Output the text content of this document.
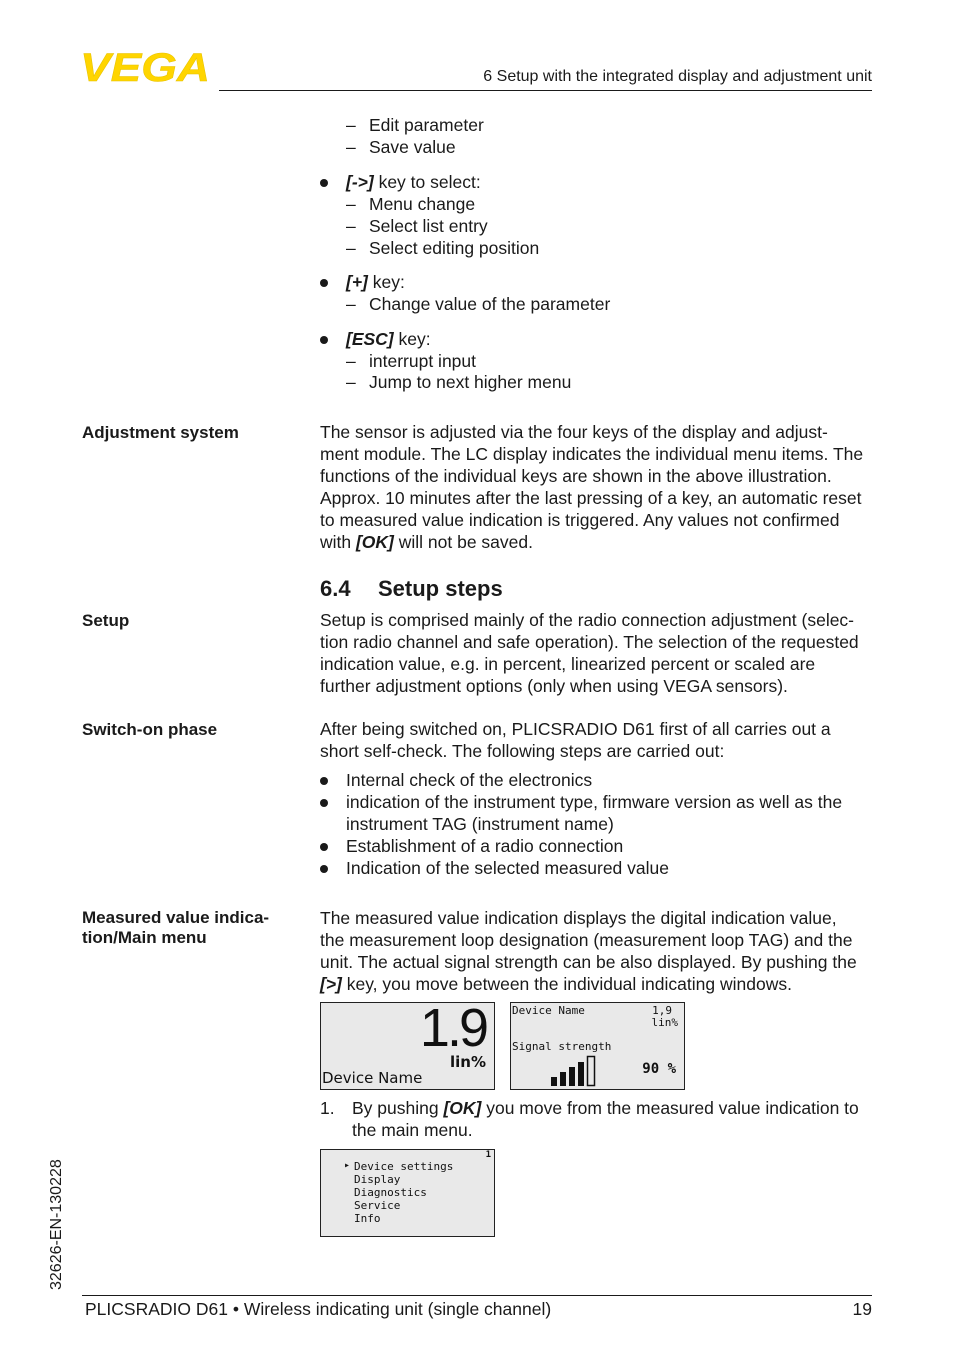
VEGA	6 Setup with the integrated display and adjustment unit
– Edit parameter
– Save value
[->] key to select:
– Menu change
– Select list entry
– Select editing position
[+] key:
– Change value of the parameter
[ESC] key:
– interrupt input
– Jump to next higher menu
Adjustment system	The sensor is adjusted via the four keys of the display and adjust-
ment module. The LC display indicates the individual menu items. The
functions of the individual keys are shown in the above illustration.
Approx. 10 minutes after the last pressing of a key, an automatic reset
to measured value indication is triggered. Any values not confirmed
with [OK] will not be saved.
6.4 Setup steps
Setup	Setup is comprised mainly of the radio connection adjustment (selec-
tion radio channel and safe operation). The selection of the requested
indication value, e.g. in percent, linearized percent or scaled are
further adjustment options (only when using VEGA sensors).
Switch-on phase	After being switched on, PLICSRADIO D61 first of all carries out a
short self-check. The following steps are carried out:
Internal check of the electronics
indication of the instrument type, firmware version as well as the
instrument TAG (instrument name)
Establishment of a radio connection
Indication of the selected measured value
Measured value indica-
tion/Main menu
The measured value indication displays the digital indication value,
the measurement loop designation (measurement loop TAG) and the
unit. The actual signal strength can be also displayed. By pushing the
[>] key, you move between the individual indicating windows.
1.9
lin%
Device Name
Device Name	1,9
lin%
Signal strength
90 %
1. By pushing [OK] you move from the measured value indication to
the main menu.
1
▸ Device settings
Display
Diagnostics
Service
Info
32626-EN-130228
PLICSRADIO D61 • Wireless indicating unit (single channel)	19
